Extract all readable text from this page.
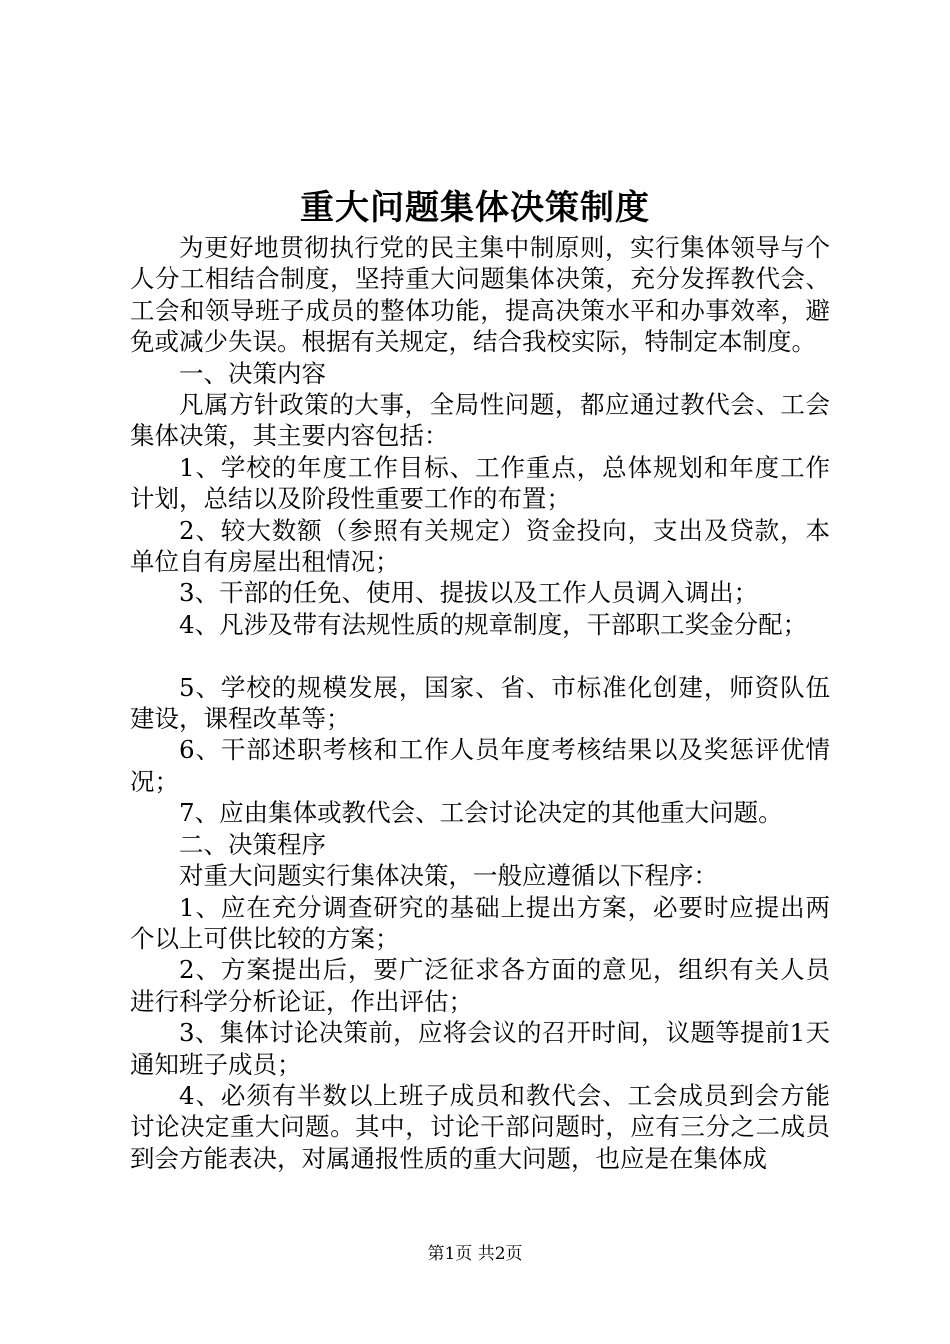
重大问题集体决策制度

为更好地贯彻执行党的民主集中制原则，实行集体领导与个人分工相结合制度，坚持重大问题集体决策，充分发挥教代会、工会和领导班子成员的整体功能，提高决策水平和办事效率，避免或减少失误。根据有关规定，结合我校实际，特制定本制度。

一、决策内容

凡属方针政策的大事，全局性问题，都应通过教代会、工会集体决策，其主要内容包括：

1、学校的年度工作目标、工作重点，总体规划和年度工作计划，总结以及阶段性重要工作的布置；

2、较大数额（参照有关规定）资金投向，支出及贷款，本单位自有房屋出租情况；

3、干部的任免、使用、提拔以及工作人员调入调出；

4、凡涉及带有法规性质的规章制度，干部职工奖金分配；

5、学校的规模发展，国家、省、市标准化创建，师资队伍建设，课程改革等；

6、干部述职考核和工作人员年度考核结果以及奖惩评优情况；

7、应由集体或教代会、工会讨论决定的其他重大问题。

二、决策程序

对重大问题实行集体决策，一般应遵循以下程序：

1、应在充分调查研究的基础上提出方案，必要时应提出两个以上可供比较的方案；

2、方案提出后，要广泛征求各方面的意见，组织有关人员进行科学分析论证，作出评估；

3、集体讨论决策前，应将会议的召开时间，议题等提前1天通知班子成员；

4、必须有半数以上班子成员和教代会、工会成员到会方能讨论决定重大问题。其中，讨论干部问题时，应有三分之二成员到会方能表决，对属通报性质的重大问题，也应是在集体成

第1页 共2页
